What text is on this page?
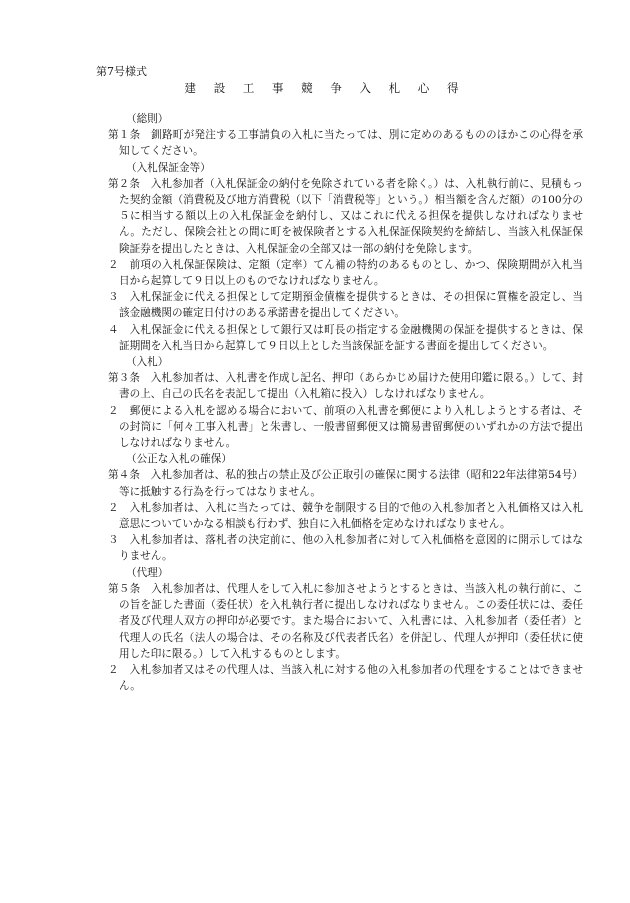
第7号様式
建 設 工 事 競 争 入 札 心 得
（総則）
第１条　釧路町が発注する工事請負の入札に当たっては、別に定めのあるもののほかこの心得を承知してください。
（入札保証金等）
第２条　入札参加者（入札保証金の納付を免除されている者を除く。）は、入札執行前に、見積もった契約金額（消費税及び地方消費税（以下「消費税等」という。）相当額を含んだ額）の100分の５に相当する額以上の入札保証金を納付し、又はこれに代える担保を提供しなければなりません。ただし、保険会社との間に町を被保険者とする入札保証保険契約を締結し、当該入札保証保険証券を提出したときは、入札保証金の全部又は一部の納付を免除します。
２　前項の入札保証保険は、定額（定率）てん補の特約のあるものとし、かつ、保険期間が入札当日から起算して９日以上のものでなければなりません。
３　入札保証金に代える担保として定期預金債権を提供するときは、その担保に質権を設定し、当該金融機関の確定日付けのある承諾書を提出してください。
４　入札保証金に代える担保として銀行又は町長の指定する金融機関の保証を提供するときは、保証期間を入札当日から起算して９日以上とした当該保証を証する書面を提出してください。
（入札）
第３条　入札参加者は、入札書を作成し記名、押印（あらかじめ届けた使用印鑑に限る。）して、封書の上、自己の氏名を表記して提出（入札箱に投入）しなければなりません。
２　郵便による入札を認める場合において、前項の入札書を郵便により入札しようとする者は、その封筒に「何々工事入札書」と朱書し、一般書留郵便又は簡易書留郵便のいずれかの方法で提出しなければなりません。
（公正な入札の確保）
第４条　入札参加者は、私的独占の禁止及び公正取引の確保に関する法律（昭和22年法律第54号）等に抵触する行為を行ってはなりません。
２　入札参加者は、入札に当たっては、競争を制限する目的で他の入札参加者と入札価格又は入札意思についていかなる相談も行わず、独自に入札価格を定めなければなりません。
３　入札参加者は、落札者の決定前に、他の入札参加者に対して入札価格を意図的に開示してはなりません。
（代理）
第５条　入札参加者は、代理人をして入札に参加させようとするときは、当該入札の執行前に、この旨を証した書面（委任状）を入札執行者に提出しなければなりません。この委任状には、委任者及び代理人双方の押印が必要です。また場合において、入札書には、入札参加者（委任者）と代理人の氏名（法人の場合は、その名称及び代表者氏名）を併記し、代理人が押印（委任状に使用した印に限る。）して入札するものとします。
２　入札参加者又はその代理人は、当該入札に対する他の入札参加者の代理をすることはできません。
